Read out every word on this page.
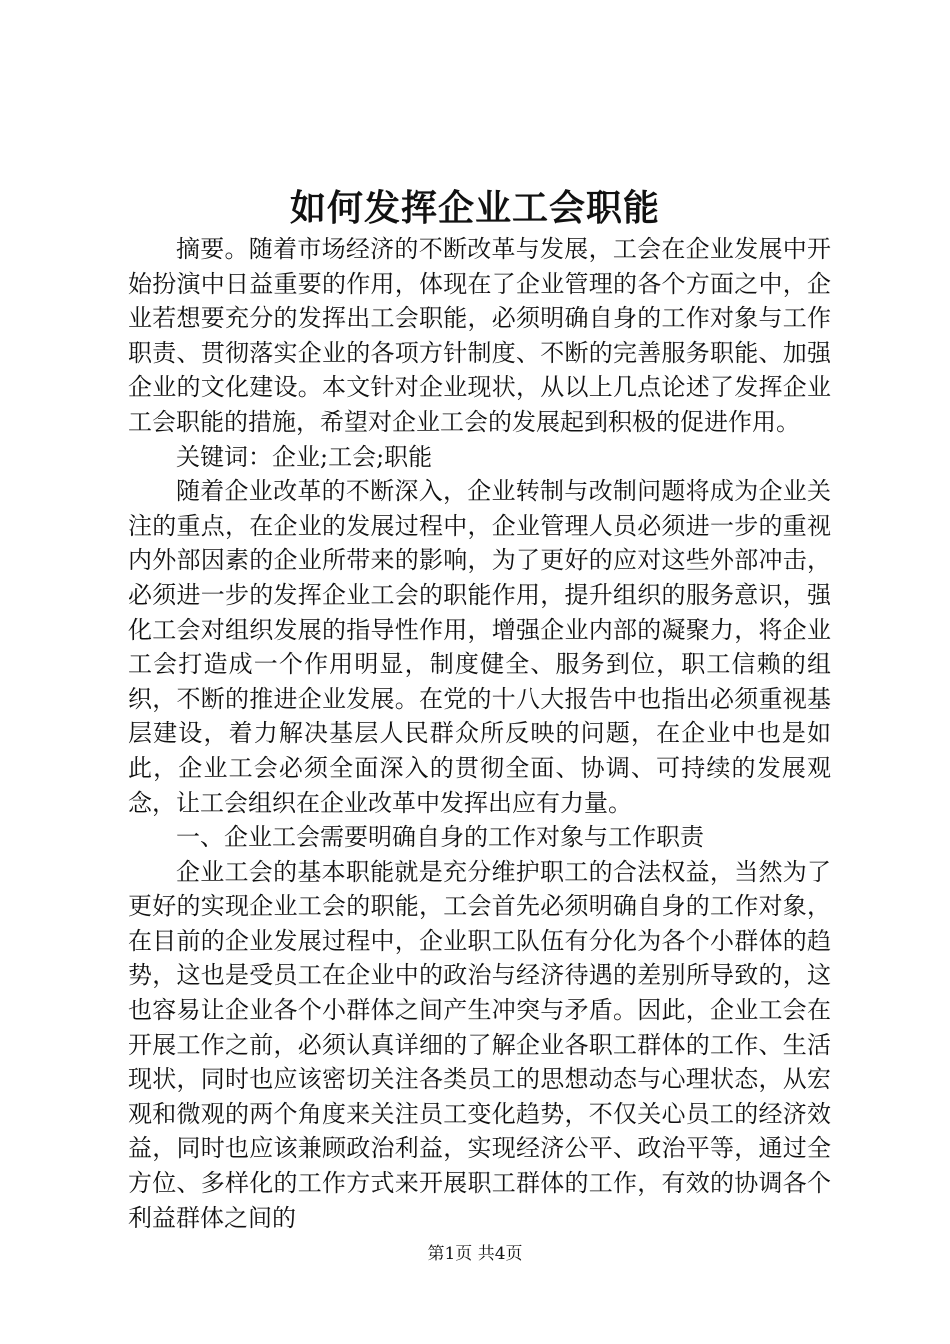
如何发挥企业工会职能

摘要。随着市场经济的不断改革与发展，工会在企业发展中开始扮演中日益重要的作用，体现在了企业管理的各个方面之中，企业若想要充分的发挥出工会职能，必须明确自身的工作对象与工作职责、贯彻落实企业的各项方针制度、不断的完善服务职能、加强企业的文化建设。本文针对企业现状，从以上几点论述了发挥企业工会职能的措施，希望对企业工会的发展起到积极的促进作用。

关键词：企业;工会;职能

随着企业改革的不断深入，企业转制与改制问题将成为企业关注的重点，在企业的发展过程中，企业管理人员必须进一步的重视内外部因素的企业所带来的影响，为了更好的应对这些外部冲击，必须进一步的发挥企业工会的职能作用，提升组织的服务意识，强化工会对组织发展的指导性作用，增强企业内部的凝聚力，将企业工会打造成一个作用明显，制度健全、服务到位，职工信赖的组织，不断的推进企业发展。在党的十八大报告中也指出必须重视基层建设，着力解决基层人民群众所反映的问题，在企业中也是如此，企业工会必须全面深入的贯彻全面、协调、可持续的发展观念，让工会组织在企业改革中发挥出应有力量。

一、企业工会需要明确自身的工作对象与工作职责

企业工会的基本职能就是充分维护职工的合法权益，当然为了更好的实现企业工会的职能，工会首先必须明确自身的工作对象，在目前的企业发展过程中，企业职工队伍有分化为各个小群体的趋势，这也是受员工在企业中的政治与经济待遇的差别所导致的，这也容易让企业各个小群体之间产生冲突与矛盾。因此，企业工会在开展工作之前，必须认真详细的了解企业各职工群体的工作、生活现状，同时也应该密切关注各类员工的思想动态与心理状态，从宏观和微观的两个角度来关注员工变化趋势，不仅关心员工的经济效益，同时也应该兼顾政治利益，实现经济公平、政治平等，通过全方位、多样化的工作方式来开展职工群体的工作，有效的协调各个利益群体之间的

第1页 共4页
